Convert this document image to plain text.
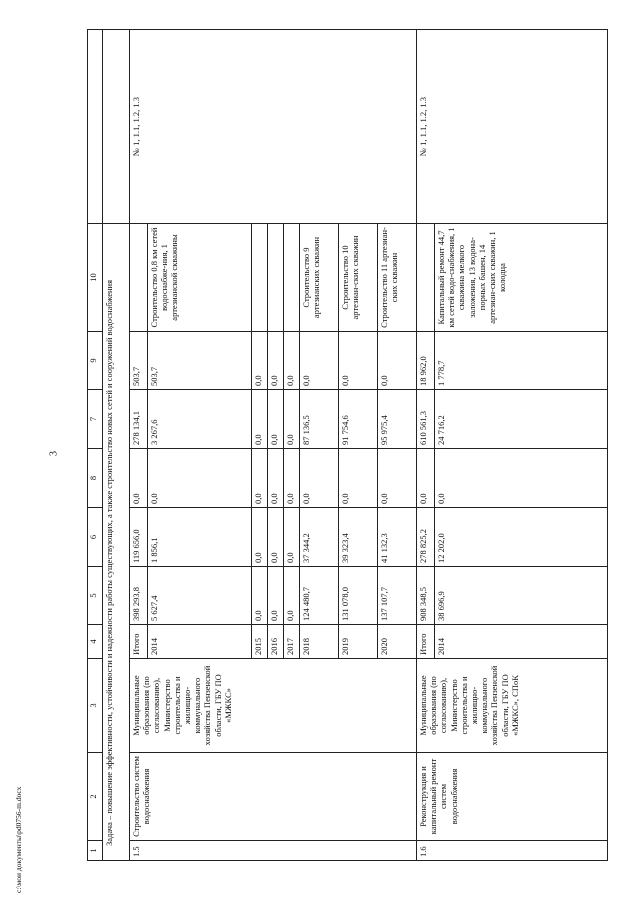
3
c:\мои документы\pd0756-m.docx	1	2	3	4	5	6	8	7	9	10	
Задача – повышение эффективности, устойчивости и надежности работы существующих, а также строительство новых сетей и сооружений водоснабжения										
1.5	Строительство систем водоснабжения	Муниципальные образования (по согласованию), Министерство строительства и жилищно-коммунального хозяйства Пензенской области, ГБУ ПО «МЖКС»	Итого	398 293,8	119 656,0	0,0	278 134,1	503,7		№ 1, 1.1, 1.2, 1.3
			2014	5 627,4	1 856,1	0,0	3 267,6	503,7	Строительство 0,8 км сетей водоснабже-ния, 1 артезианской скважины	
			2015	0,0	0,0	0,0	0,0	0,0		
			2016	0,0	0,0	0,0	0,0	0,0		
			2017	0,0	0,0	0,0	0,0	0,0		
			2018	124 480,7	37 344,2	0,0	87 136,5	0,0	Строительство 9 артезианских скважин	
			2019	131 078,0	39 323,4	0,0	91 754,6	0,0	Строительство 10 артезиан-ских скважин	
			2020	137 107,7	41 132,3	0,0	95 975,4	0,0	Строительство 11 артезиан-ских скважин	
1.6	Реконструкция и капитальный ремонт систем водоснабжения	Муниципальные образования (по согласованию), Министерство строительства и жилищно-коммунального хозяйства Пензенской области, ГБУ ПО «МЖКС», СПоК	Итого	908 348,5	278 825,2	0,0	610 561,3	18 962,0		№ 1, 1.1, 1.2, 1.3
			2014	38 696,9	12 202,0	0,0	24 716,2	1 778,7	Капитальный ремонт 44,7 км сетей водо-снабжения, 1 скважина мелкого заложения, 13 водона-порных башен, 14 артезиан-ских скважин, 1 колодца	
